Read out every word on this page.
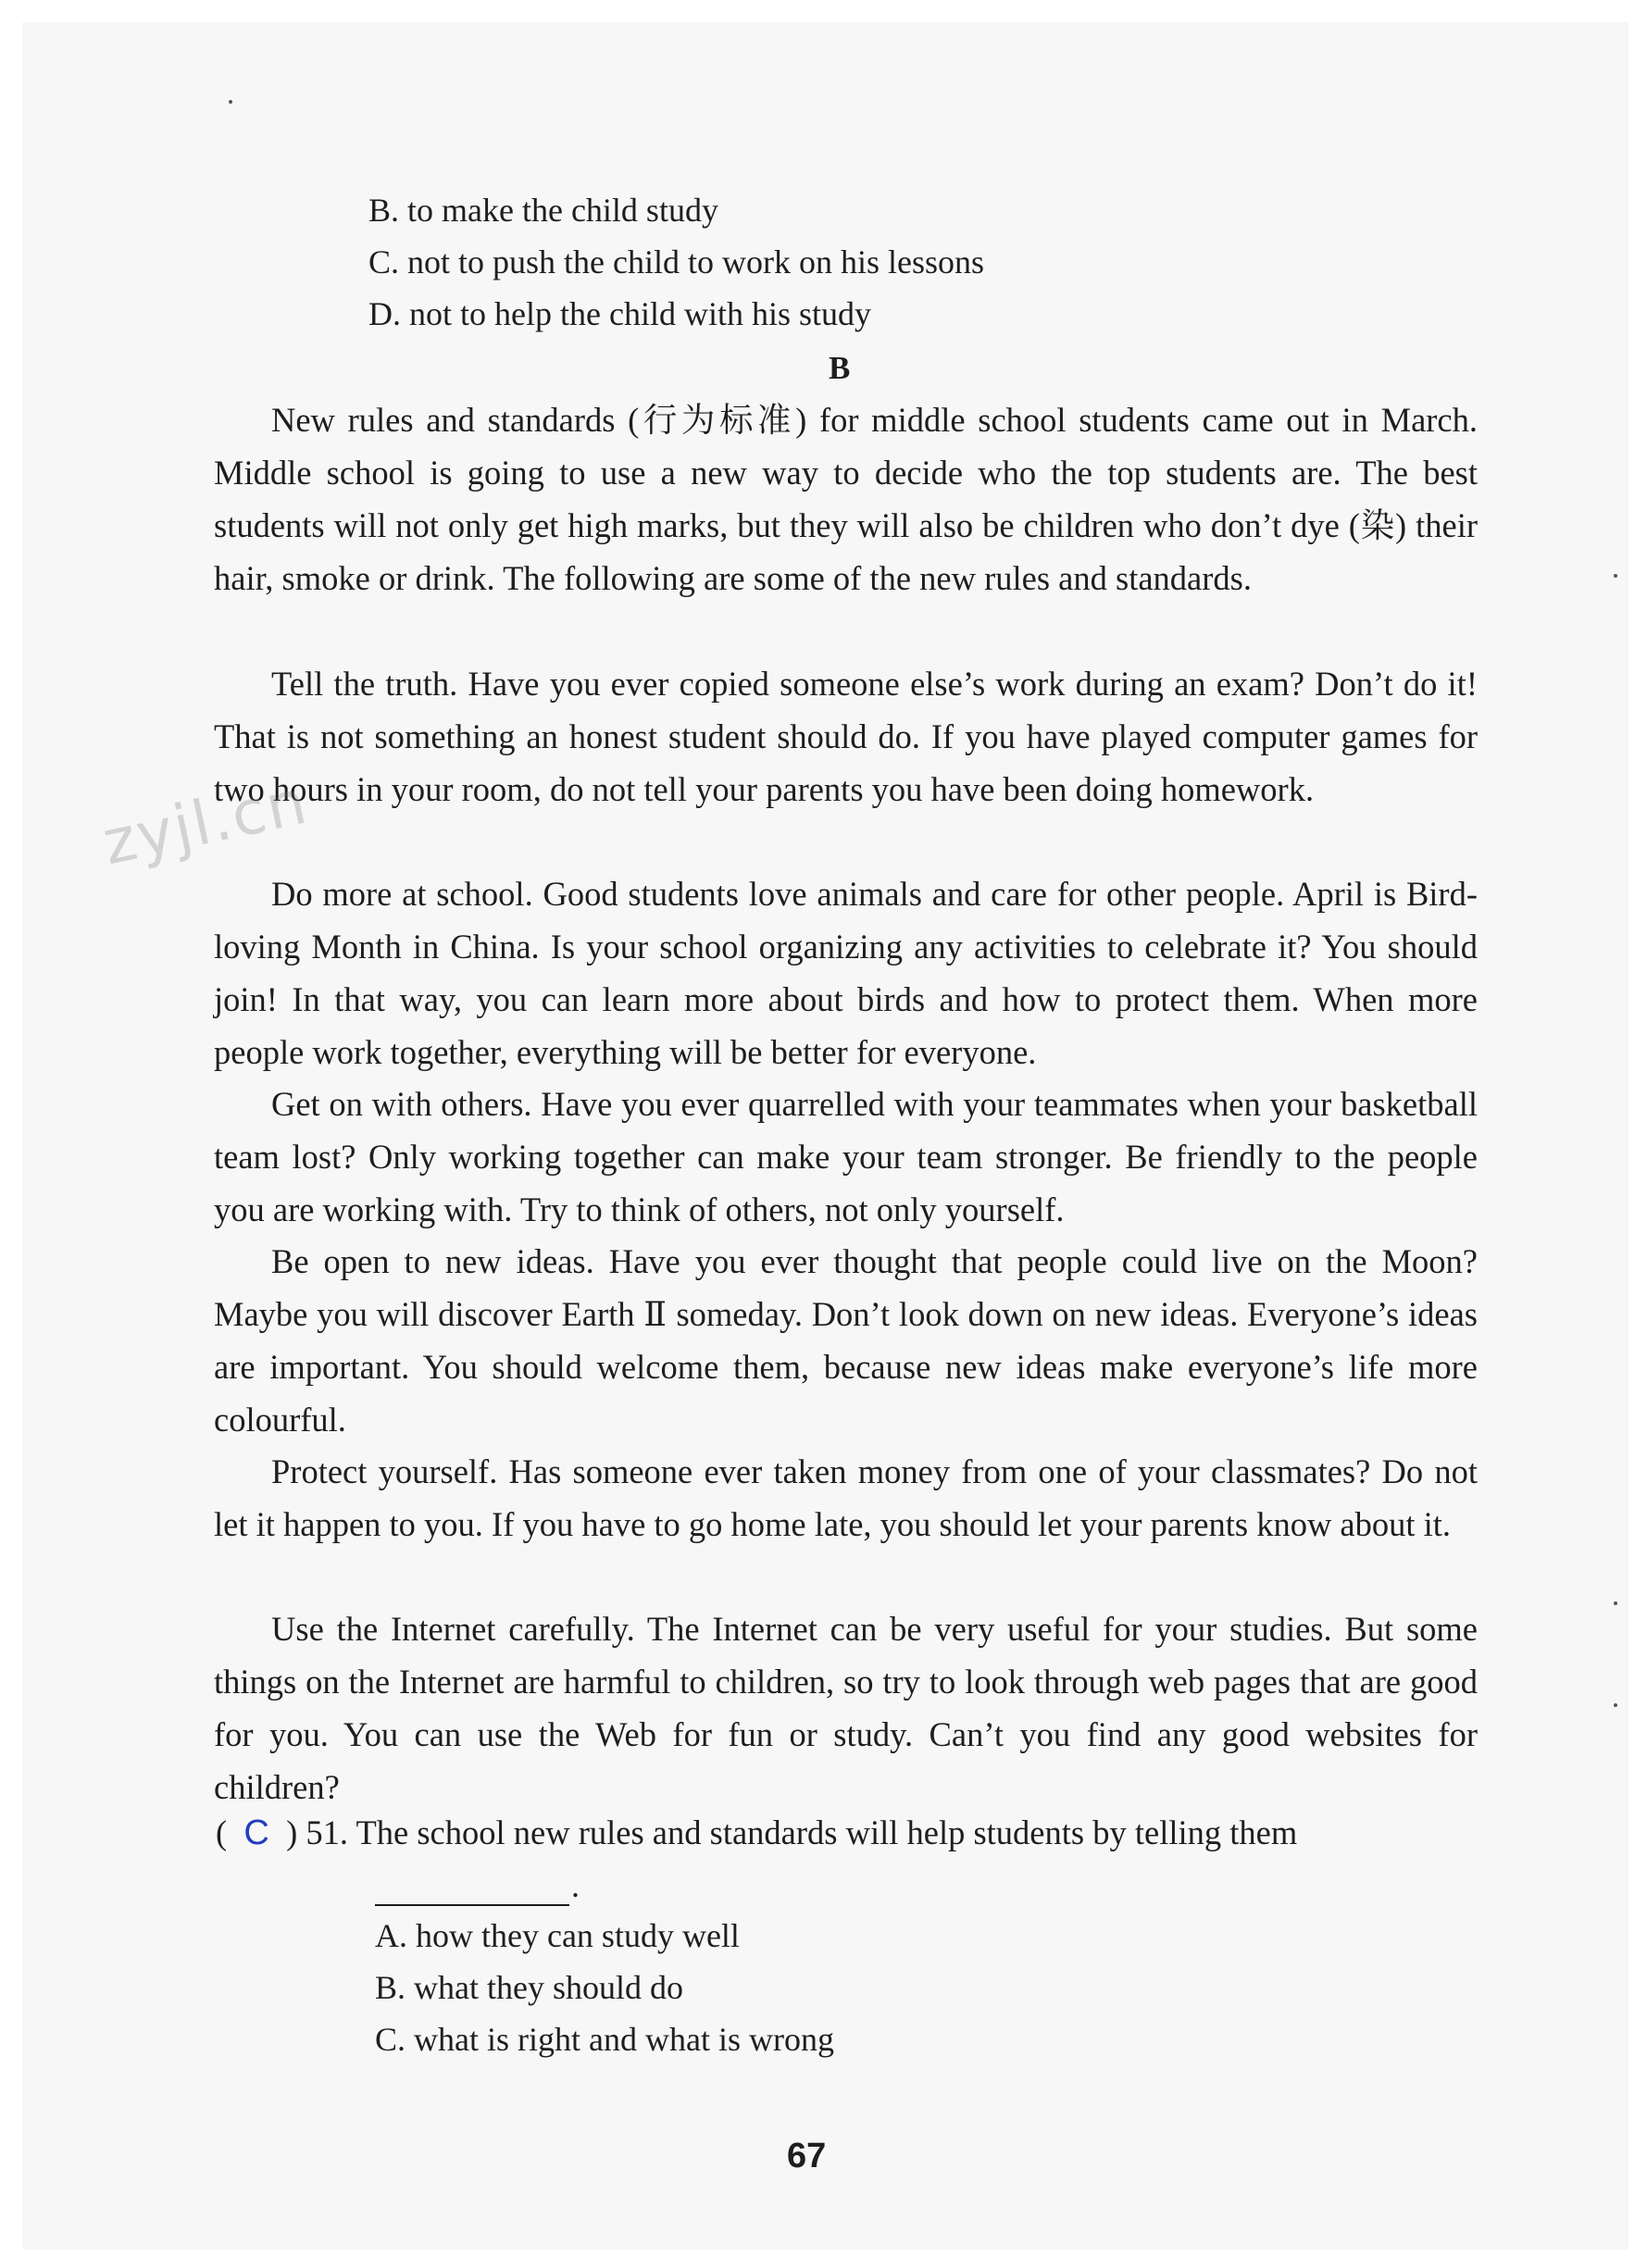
B. to make the child study
C. not to push the child to work on his lessons
D. not to help the child with his study
B

New rules and standards (行为标准) for middle school students came out in March. Middle school is going to use a new way to decide who the top students are. The best students will not only get high marks, but they will also be children who don’t dye (染) their hair, smoke or drink. The following are some of the new rules and standards.

Tell the truth. Have you ever copied someone else’s work during an exam? Don’t do it! That is not something an honest student should do. If you have played computer games for two hours in your room, do not tell your parents you have been doing homework.

Do more at school. Good students love animals and care for other people. April is Bird-loving Month in China. Is your school organizing any activities to celebrate it? You should join! In that way, you can learn more about birds and how to protect them. When more people work together, everything will be better for everyone.

Get on with others. Have you ever quarrelled with your teammates when your basketball team lost? Only working together can make your team stronger. Be friendly to the people you are working with. Try to think of others, not only yourself.

Be open to new ideas. Have you ever thought that people could live on the Moon? Maybe you will discover Earth Ⅱ someday. Don’t look down on new ideas. Everyone’s ideas are important. You should welcome them, because new ideas make everyone’s life more colourful.

Protect yourself. Has someone ever taken money from one of your classmates? Do not let it happen to you. If you have to go home late, you should let your parents know about it.

Use the Internet carefully. The Internet can be very useful for your studies. But some things on the Internet are harmful to children, so try to look through web pages that are good for you. You can use the Web for fun or study. Can’t you find any good websites for children?

zyjl.cn
( C ) 51. The school new rules and standards will help students by telling them
.
A. how they can study well
B. what they should do
C. what is right and what is wrong
67
